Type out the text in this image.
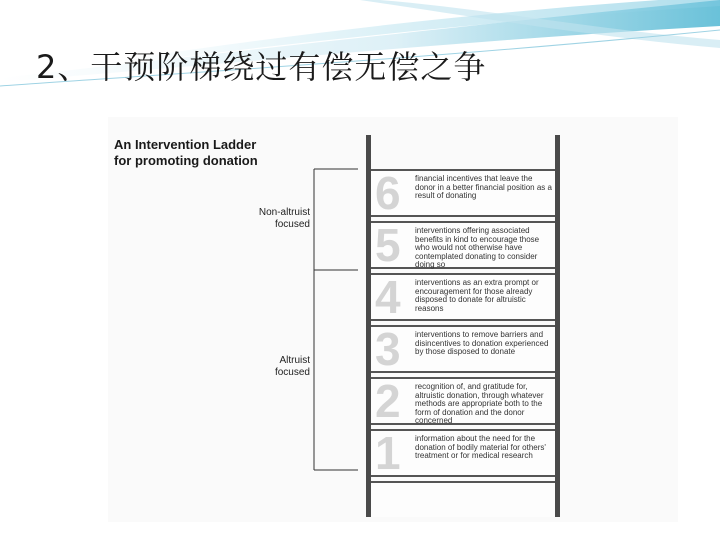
2、干预阶梯绕过有偿无偿之争
An Intervention Ladder
for promoting donation
Non-altruist
focused
Altruist
focused
6 financial incentives that leave the donor in a better financial position as a result of donating
5 interventions offering associated benefits in kind to encourage those who would not otherwise have contemplated donating to consider doing so
4 interventions as an extra prompt or encouragement for those already disposed to donate for altruistic reasons
3 interventions to remove barriers and disincentives to donation experienced by those disposed to donate
2 recognition of, and gratitude for, altruistic donation, through whatever methods are appropriate both to the form of donation and the donor concerned
1 information about the need for the donation of bodily material for others' treatment or for medical research
